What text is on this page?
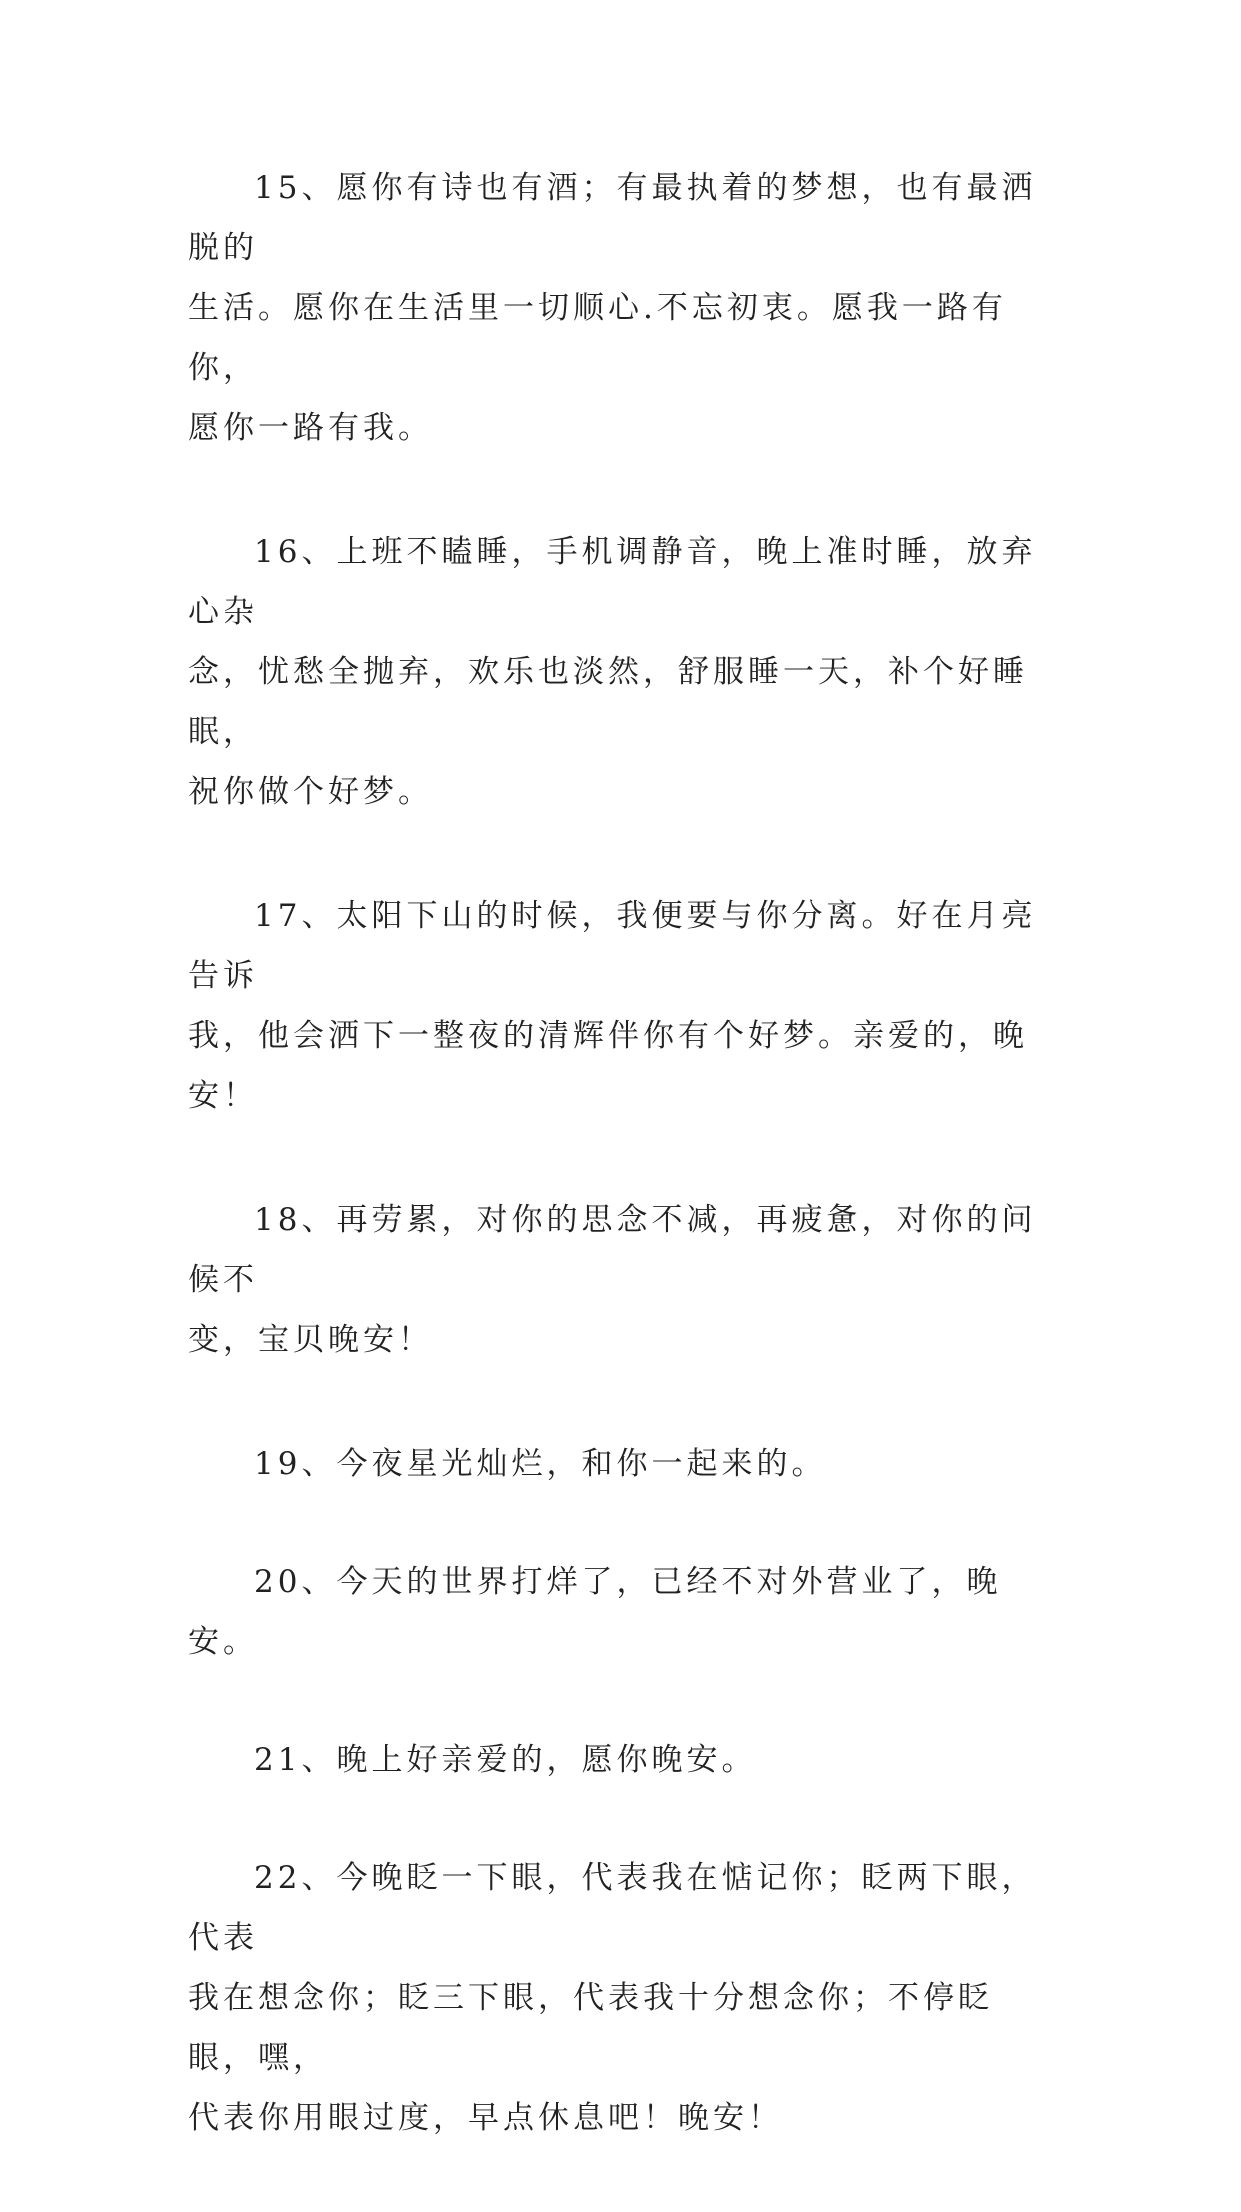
15、愿你有诗也有酒；有最执着的梦想，也有最洒脱的
生活。愿你在生活里一切顺心.不忘初衷。愿我一路有你，
愿你一路有我。

16、上班不瞌睡，手机调静音，晚上准时睡，放弃心杂
念，忧愁全抛弃，欢乐也淡然，舒服睡一天，补个好睡眠，
祝你做个好梦。

17、太阳下山的时候，我便要与你分离。好在月亮告诉
我，他会洒下一整夜的清辉伴你有个好梦。亲爱的，晚安！

18、再劳累，对你的思念不减，再疲惫，对你的问候不
变，宝贝晚安！

19、今夜星光灿烂，和你一起来的。

20、今天的世界打烊了，已经不对外营业了，晚安。

21、晚上好亲爱的，愿你晚安。

22、今晚眨一下眼，代表我在惦记你；眨两下眼，代表
我在想念你；眨三下眼，代表我十分想念你；不停眨眼，嘿，
代表你用眼过度，早点休息吧！晚安！
